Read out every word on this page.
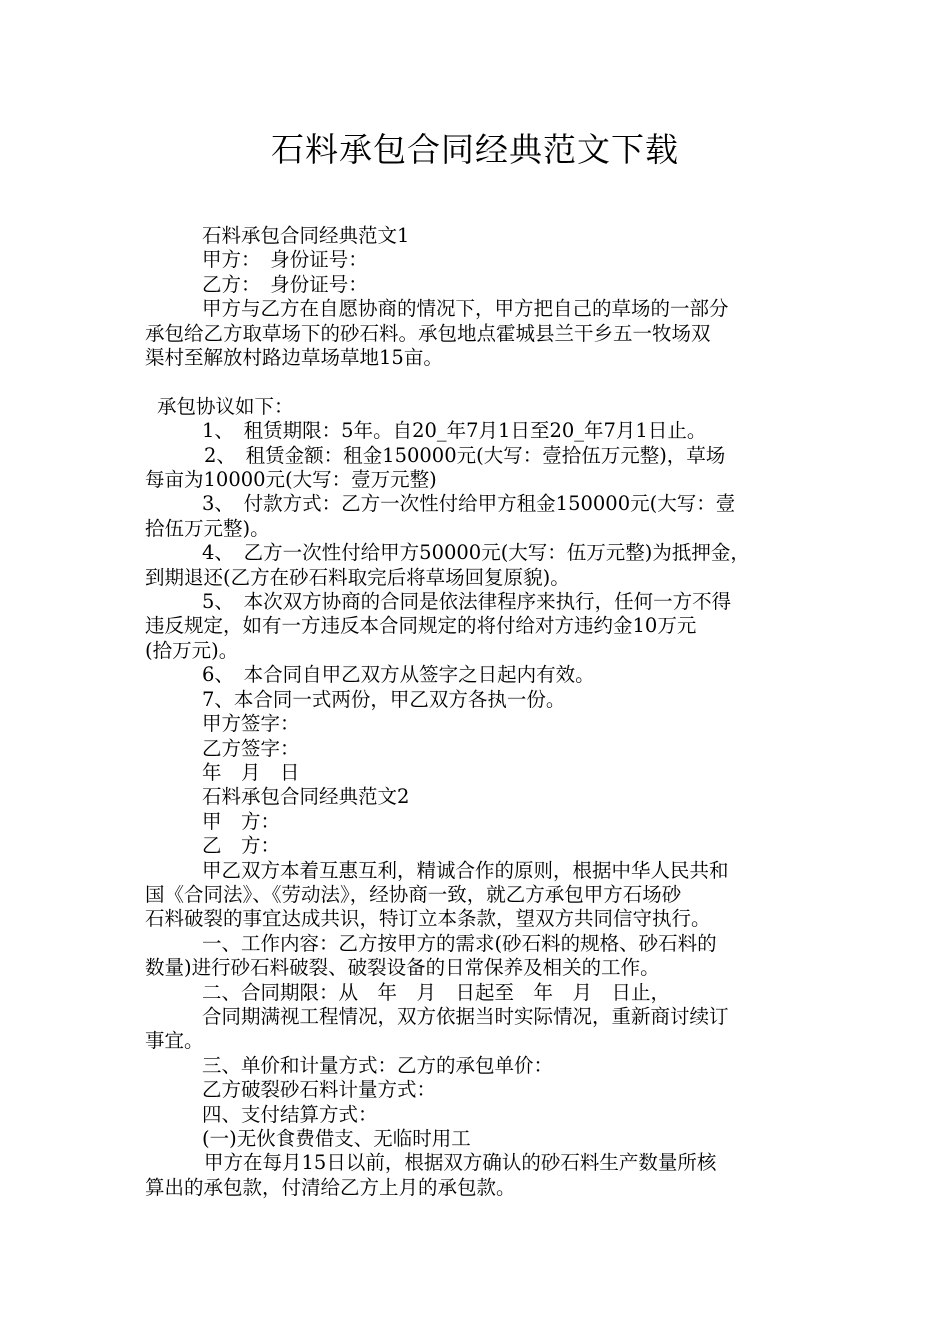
石料承包合同经典范文下载

石料承包合同经典范文1

甲方：　身份证号：

乙方：　身份证号：

甲方与乙方在自愿协商的情况下，甲方把自己的草场的一部分

承包给乙方取草场下的砂石料。承包地点霍城县兰干乡五一牧场双

渠村至解放村路边草场草地15亩。

承包协议如下：

1、　租赁期限：5年。自20_年7月1日至20_年7月1日止。

2、　租赁金额：租金150000元(大写：壹拾伍万元整)，草场

每亩为10000元(大写：壹万元整)

3、　付款方式：乙方一次性付给甲方租金150000元(大写：壹

拾伍万元整)。

4、　乙方一次性付给甲方50000元(大写：伍万元整)为抵押金，

到期退还(乙方在砂石料取完后将草场回复原貌)。

5、　本次双方协商的合同是依法律程序来执行，任何一方不得

违反规定，如有一方违反本合同规定的将付给对方违约金10万元

(拾万元)。

6、　本合同自甲乙双方从签字之日起内有效。

7、本合同一式两份，甲乙双方各执一份。

甲方签字：

乙方签字：

年　月　日

石料承包合同经典范文2

甲　方：

乙　方：

甲乙双方本着互惠互利，精诚合作的原则，根据中华人民共和

国《合同法》、《劳动法》，经协商一致，就乙方承包甲方石场砂

石料破裂的事宜达成共识，特订立本条款，望双方共同信守执行。

一、工作内容：乙方按甲方的需求(砂石料的规格、砂石料的

数量)进行砂石料破裂、破裂设备的日常保养及相关的工作。

二、合同期限：从　年　月　日起至　年　月　日止，

合同期满视工程情况，双方依据当时实际情况，重新商讨续订

事宜。

三、单价和计量方式：乙方的承包单价：

乙方破裂砂石料计量方式：

四、支付结算方式：

(一)无伙食费借支、无临时用工

甲方在每月15日以前，根据双方确认的砂石料生产数量所核

算出的承包款，付清给乙方上月的承包款。
